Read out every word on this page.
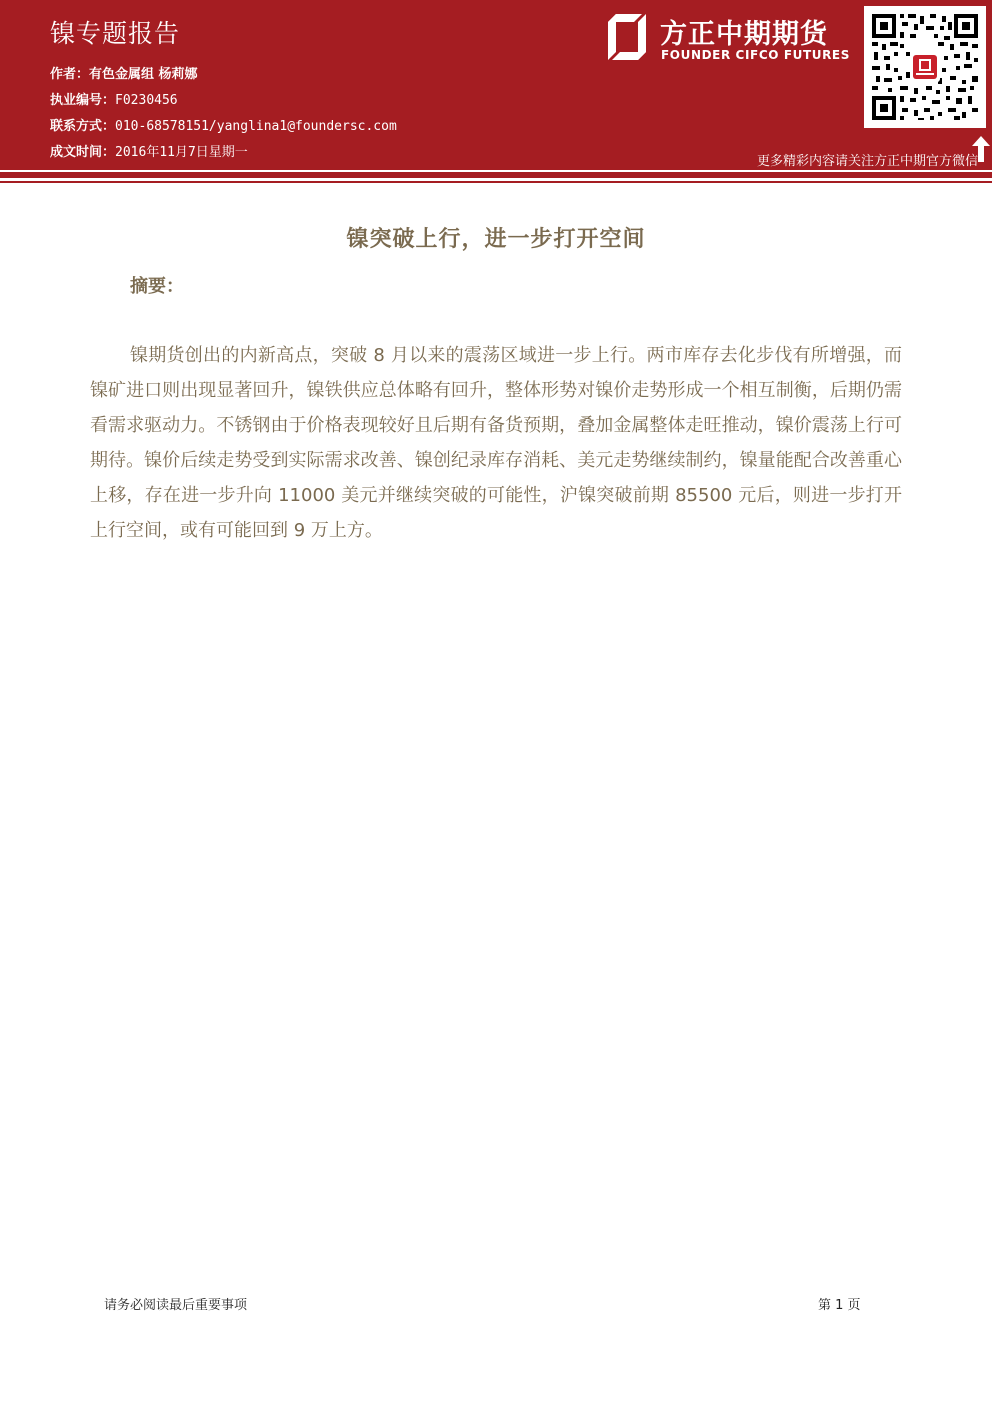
镍专题报告
作者：有色金属组 杨莉娜
执业编号：F0230456
联系方式：010-68578151/yanglina1@foundersc.com
成文时间：2016年11月7日星期一
方正中期期货
FOUNDER CIFCO FUTURES
更多精彩内容请关注方正中期官方微信
镍突破上行，进一步打开空间
摘要：
镍期货创出的内新高点，突破 8 月以来的震荡区域进一步上行。两市库存去化步伐有所增强，而镍矿进口则出现显著回升，镍铁供应总体略有回升，整体形势对镍价走势形成一个相互制衡，后期仍需看需求驱动力。不锈钢由于价格表现较好且后期有备货预期，叠加金属整体走旺推动，镍价震荡上行可期待。镍价后续走势受到实际需求改善、镍创纪录库存消耗、美元走势继续制约，镍量能配合改善重心上移，存在进一步升向 11000 美元并继续突破的可能性，沪镍突破前期 85500 元后，则进一步打开上行空间，或有可能回到 9 万上方。
请务必阅读最后重要事项	第 1 页
